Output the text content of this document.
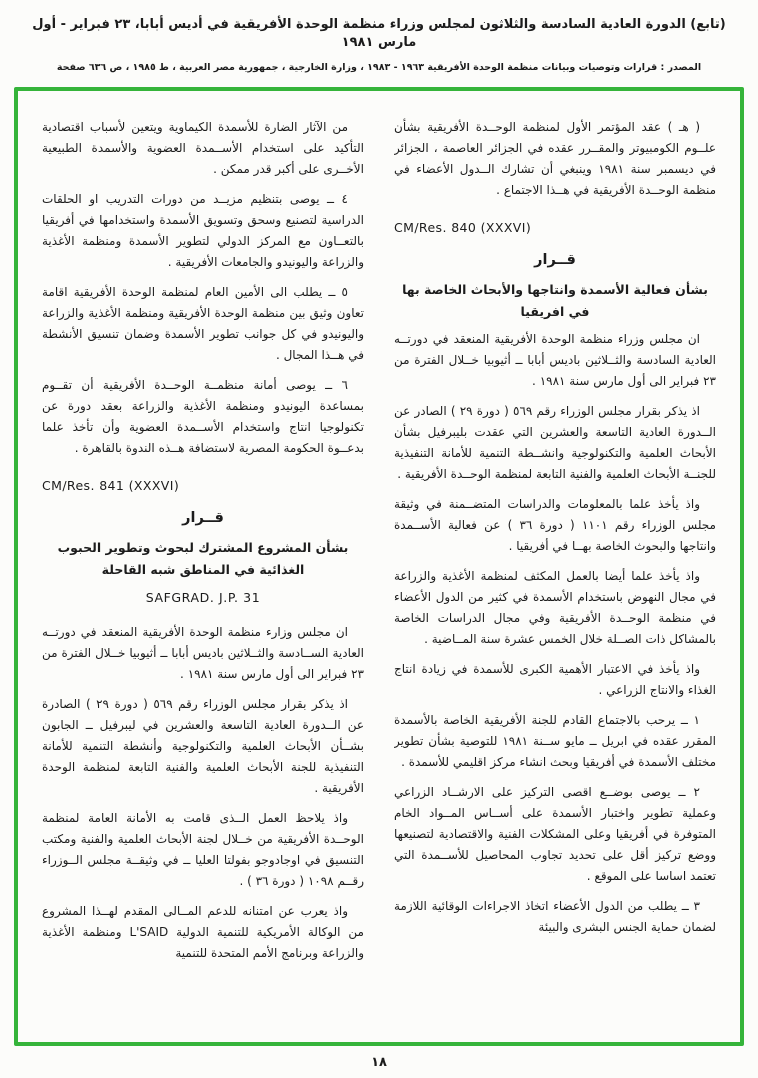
(تابع) الدورة العادية السادسة والثلاثون لمجلس وزراء منظمة الوحدة الأفريقية في أديس أبابا، ٢٣ فبراير - أول مارس ١٩٨١
المصدر : قرارات وتوصيات وبيانات منظمة الوحدة الأفريقية ١٩٦٣ - ١٩٨٣ ، وزارة الخارجية ، جمهورية مصر العربية ، ط ١٩٨٥ ، ص ٦٣٦ صفحة
( هـ ) عقد المؤتمر الأول لمنظمة الوحــدة الأفريقية بشأن علــوم الكومبيوتر والمقــرر عقده في الجزائر العاصمة ، الجزائر في ديسمبر سنة ١٩٨١ وينبغي أن تشارك الــدول الأعضاء في منظمة الوحــدة الأفريقية في هــذا الاجتماع .
CM/Res. 840 (XXXVI)
قــرار
بشأن فعالية الأسمدة وانتاجها والأبحاث الخاصة بها في افريقيا
ان مجلس وزراء منظمة الوحدة الأفريقية المنعقد في دورتــه العادية السادسة والثــلاثين باديس أبابا ــ أثيوبيا خــلال الفترة من ٢٣ فبراير الى أول مارس سنة ١٩٨١ .
اذ يذكر بقرار مجلس الوزراء رقم ٥٦٩ ( دورة ٢٩ ) الصادر عن الــدورة العادية التاسعة والعشرين التي عقدت بليبرفيل بشأن الأبحاث العلمية والتكنولوجية وانشــطة التنمية للأمانة التنفيذية للجنــة الأبحاث العلمية والفنية التابعة لمنظمة الوحــدة الأفريقية .
واذ يأخذ علما بالمعلومات والدراسات المتضــمنة في وثيقة مجلس الوزراء رقم ١١٠١ ( دورة ٣٦ ) عن فعالية الأســمدة وانتاجها والبحوث الخاصة بهــا في أفريقيا .
واذ يأخذ علما أيضا بالعمل المكثف لمنظمة الأغذية والزراعة في مجال النهوض باستخدام الأسمدة في كثير من الدول الأعضاء في منظمة الوحــدة الأفريقية وفي مجال الدراسات الخاصة بالمشاكل ذات الصــلة خلال الخمس عشرة سنة المــاضية .
واذ يأخذ في الاعتبار الأهمية الكبرى للأسمدة في زيادة انتاج الغذاء والانتاج الزراعي .
١ ــ يرحب بالاجتماع القادم للجنة الأفريقية الخاصة بالأسمدة المقرر عقده في ابريل ــ مايو ســنة ١٩٨١ للتوصية بشأن تطوير مختلف الأسمدة في أفريقيا وبحث انشاء مركز اقليمي للأسمدة .
٢ ــ يوصى بوضــع اقصى التركيز على الارشــاد الزراعي وعملية تطوير واختبار الأسمدة على أســاس المــواد الخام المتوفرة في أفريقيا وعلى المشكلات الفنية والاقتصادية لتصنيعها ووضع تركيز أقل على تحديد تجاوب المحاصيل للأســمدة التي تعتمد اساسا على الموقع .
٣ ــ يطلب من الدول الأعضاء اتخاذ الاجراءات الوقائية اللازمة لضمان حماية الجنس البشرى والبيئة
من الآثار الضارة للأسمدة الكيماوية ويتعين لأسباب اقتصادية التأكيد على استخدام الأســمدة العضوية والأسمدة الطبيعية الأخــرى على أكبر قدر ممكن .
٤ ــ يوصى بتنظيم مزيــد من دورات التدريب او الحلقات الدراسية لتصنيع وسحق وتسويق الأسمدة واستخدامها في أفريقيا بالتعــاون مع المركز الدولي لتطوير الأسمدة ومنظمة الأغذية والزراعة واليونيدو والجامعات الأفريقية .
٥ ــ يطلب الى الأمين العام لمنظمة الوحدة الأفريقية اقامة تعاون وثيق بين منظمة الوحدة الأفريقية ومنظمة الأغذية والزراعة واليونيدو في كل جوانب تطوير الأسمدة وضمان تنسيق الأنشطة في هــذا المجال .
٦ ــ يوصى أمانة منظمــة الوحــدة الأفريقية أن تقــوم بمساعدة اليونيدو ومنظمة الأغذية والزراعة بعقد دورة عن تكنولوجيا انتاج واستخدام الأســمدة العضوية وأن تأخذ علما بدعــوة الحكومة المصرية لاستضافة هــذه الندوة بالقاهرة .
CM/Res. 841 (XXXVI)
قــرار
بشأن المشروع المشترك لبحوث وتطوير الحبوب الغذائية في المناطق شبه القاحلة
SAFGRAD. J.P. 31
ان مجلس وزارء منظمة الوحدة الأفريقية المنعقد في دورتــه العادية الســادسة والثــلاثين باديس أبابا ــ أثيوبيا خــلال الفترة من ٢٣ فبراير الى أول مارس سنة ١٩٨١ .
اذ يذكر بقرار مجلس الوزراء رقم ٥٦٩ ( دورة ٢٩ ) الصادرة عن الــدورة العادية التاسعة والعشرين في ليبرفيل ــ الجابون بشــأن الأبحاث العلمية والتكنولوجية وأنشطة التنمية للأمانة التنفيذية للجنة الأبحاث العلمية والفنية التابعة لمنظمة الوحدة الأفريقية .
واذ يلاحظ العمل الــذى قامت به الأمانة العامة لمنظمة الوحــدة الأفريقية من خــلال لجنة الأبحاث العلمية والفنية ومكتب التنسيق في اوجادوجو بفولتا العليا ــ في وثيقــة مجلس الــوزراء رقــم ١٠٩٨ ( دورة ٣٦ ) .
واذ يعرب عن امتنانه للدعم المــالى المقدم لهــذا المشروع من الوكالة الأمريكية للتنمية الدولية L'SAID ومنظمة الأغذية والزراعة وبرنامج الأمم المتحدة للتنمية
١٨
